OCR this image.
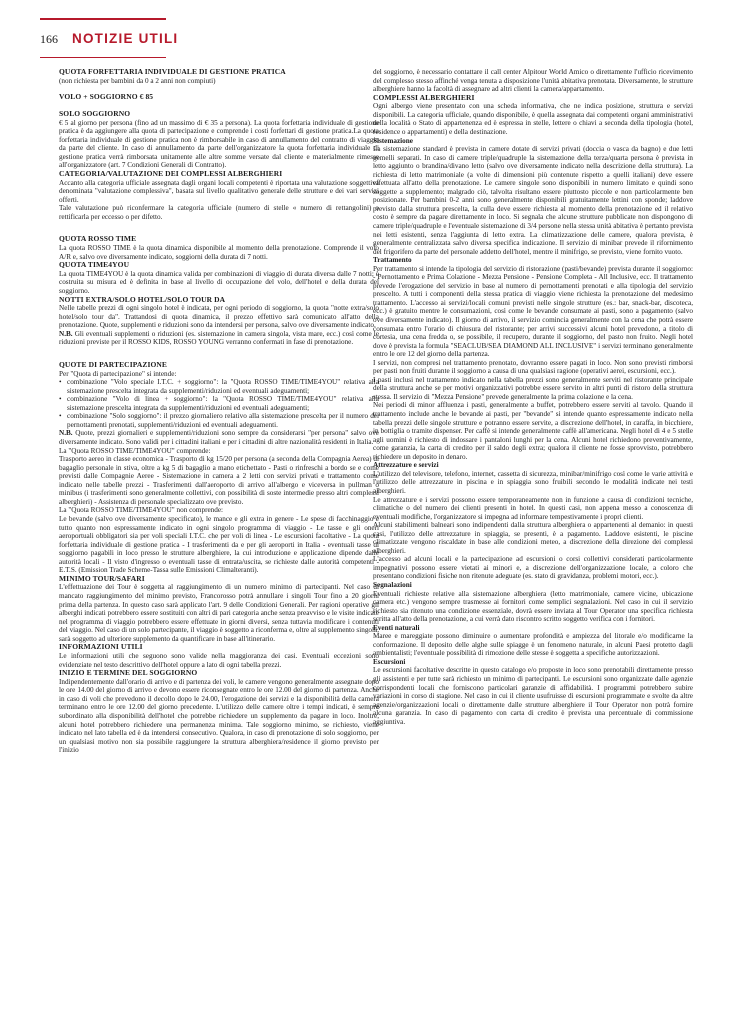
166 NOTIZIE UTILI
QUOTA FORFETTARIA INDIVIDUALE DI GESTIONE PRATICA

(non richiesta per bambini da 0 a 2 anni non compiuti)

VOLO + SOGGIORNO € 85
SOLO SOGGIORNO

€ 5 al giorno per persona (fino ad un massimo di € 35 a persona). La quota forfettaria individuale di gestione pratica è da aggiungere alla quota di partecipazione e comprende i costi forfettari di gestione pratica.La quota forfettaria individuale di gestione pratica non è rimborsabile in caso di annullamento del contratto di viaggio da parte del cliente. In caso di annullamento da parte dell'organizzatore la quota forfettaria individuale di gestione pratica verrà rimborsata unitamente alle altre somme versate dal cliente e materialmente rimesse all'organizzatore (art. 7 Condizioni Generali di Contratto).

CATEGORIA/VALUTAZIONE DEI COMPLESSI ALBERGHIERI

Accanto alla categoria ufficiale assegnata dagli organi locali competenti è riportata una valutazione soggettiva denominata "valutazione complessiva", basata sul livello qualitativo generale delle strutture e dei vari servizi offerti.

Tale valutazione può riconfermare la categoria ufficiale (numero di stelle « numero di rettangolini) o rettificarla per eccesso o per difetto.

QUOTA ROSSO TIME

La quota ROSSO TIME è la quota dinamica disponibile al momento della prenotazione. Comprende il volo A/R e, salvo ove diversamente indicato, soggiorni della durata di 7 notti.

QUOTA TIME4YOU

La quota TIME4YOU è la quota dinamica valida per combinazioni di viaggio di durata diversa dalle 7 notti; è costruita su misura ed è definita in base al livello di occupazione del volo, dell'hotel e della durata del soggiorno.

NOTTI EXTRA/SOLO HOTEL/SOLO TOUR DA

Nelle tabelle prezzi di ogni singolo hotel è indicata, per ogni periodo di soggiorno, la quota "notte extra/solo hotel/solo tour da". Trattandosi di quota dinamica, il prezzo effettivo sarà comunicato all'atto della prenotazione. Quote, supplementi e riduzioni sono da intendersi per persona, salvo ove diversamente indicato.

N.B. Gli eventuali supplementi o riduzioni (es. sistemazione in camera singola, vista mare, ecc.) così come le riduzioni previste per il ROSSO KIDS, ROSSO YOUNG verranno confermati in fase di prenotazione.

QUOTE DI PARTECIPAZIONE

Per "Quota di partecipazione" si intende:

• combinazione "Volo speciale I.T.C. + soggiorno": la "Quota ROSSO TIME/TIME4YOU" relativa alla sistemazione prescelta integrata da supplementi/riduzioni ed eventuali adeguamenti;
• combinazione "Volo di linea + soggiorno": la "Quota ROSSO TIME/TIME4YOU" relativa alla sistemazione prescelta integrata da supplementi/riduzioni ed eventuali adeguamenti;
• combinazione "Solo soggiorno": il prezzo giornaliero relativo alla sistemazione prescelta per il numero dei pernottamenti prenotati, supplementi/riduzioni ed eventuali adeguamenti.

N.B. Quote, prezzi giornalieri e supplementi/riduzioni sono sempre da considerarsi "per persona" salvo ove diversamente indicato. Sono validi per i cittadini italiani e per i cittadini di altre nazionalità residenti in Italia.

La "Quota ROSSO TIME/TIME4YOU" comprende:

Trasporto aereo in classe economica - Trasporto di kg 15/20 per persona (a seconda della Compagnia Aerea) di bagaglio personale in stiva, oltre a kg 5 di bagaglio a mano etichettato - Pasti o rinfreschi a bordo se e come previsti dalle Compagnie Aeree - Sistemazione in camera a 2 letti con servizi privati e trattamento come indicato nelle tabelle prezzi - Trasferimenti dall'aeroporto di arrivo all'albergo e viceversa in pullman o minibus (i trasferimenti sono generalmente collettivi, con possibilità di soste intermedie presso altri complessi alberghieri) - Assistenza di personale specializzato ove previsto.

La "Quota ROSSO TIME/TIME4YOU" non comprende:

Le bevande (salvo ove diversamente specificato), le mance e gli extra in genere - Le spese di facchinaggio e tutto quanto non espressamente indicato in ogni singolo programma di viaggio - Le tasse e gli oneri aeroportuali obbligatori sia per voli speciali I.T.C. che per voli di linea - Le escursioni facoltative - La quota forfettaria individuale di gestione pratica - I trasferimenti da e per gli aeroporti in Italia - eventuali tasse di soggiorno pagabili in loco presso le strutture alberghiere, la cui introduzione e applicazione dipende dalle autorità locali - Il visto d'ingresso o eventuali tasse di entrata/uscita, se richieste dalle autorità competenti - E.T.S. (Emission Trade Scheme-Tassa sulle Emissioni Climalteranti).

MINIMO TOUR/SAFARI

L'effettuazione dei Tour è soggetta al raggiungimento di un numero minimo di partecipanti. Nel caso di mancato raggiungimento del minimo previsto, Francorosso potrà annullare i singoli Tour fino a 20 giorni prima della partenza. In questo caso sarà applicato l'art. 9 delle Condizioni Generali. Per ragioni operative gli alberghi indicati potrebbero essere sostituiti con altri di pari categoria anche senza preavviso e le visite indicate nel programma di viaggio potrebbero essere effettuate in giorni diversi, senza tuttavia modificare i contenuti del viaggio. Nel caso di un solo partecipante, il viaggio è soggetto a riconferma e, oltre al supplemento singola, sarà soggetto ad ulteriore supplemento da quantificare in base all'itinerario.

INFORMAZIONI UTILI

Le informazioni utili che seguono sono valide nella maggioranza dei casi. Eventuali eccezioni sono evidenziate nel testo descrittivo dell'hotel oppure a lato di ogni tabella prezzi.

INIZIO E TERMINE DEL SOGGIORNO

Indipendentemente dall'orario di arrivo e di partenza dei voli, le camere vengono generalmente assegnate dopo le ore 14.00 del giorno di arrivo e devono essere riconsegnate entro le ore 12.00 del giorno di partenza. Anche in caso di voli che prevedono il decollo dopo le 24.00, l'erogazione dei servizi e la disponibilità della camera terminano entro le ore 12.00 del giorno precedente. L'utilizzo delle camere oltre i tempi indicati, è sempre subordinato alla disponibilità dell'hotel che potrebbe richiedere un supplemento da pagare in loco. Inoltre, alcuni hotel potrebbero richiedere una permanenza minima. Tale soggiorno minimo, se richiesto, viene indicato nel lato tabella ed è da intendersi consecutivo. Qualora, in caso di prenotazione di solo soggiorno, per un qualsiasi motivo non sia possibile raggiungere la struttura alberghiera/residence il giorno previsto per l'inizio

del soggiorno, è necessario contattare il call center Alpitour World Amico o direttamente l'ufficio ricevimento del complesso stesso affinché venga tenuta a disposizione l'unità abitativa prenotata. Diversamente, le strutture alberghiere hanno la facoltà di assegnare ad altri clienti la camera/appartamento.

COMPLESSI ALBERGHIERI

Ogni albergo viene presentato con una scheda informativa, che ne indica posizione, struttura e servizi disponibili. La categoria ufficiale, quando disponibile, è quella assegnata dai competenti organi amministrativi della località o Stato di appartenenza ed è espressa in stelle, lettere o chiavi a seconda della tipologia (hotel, residence o appartamenti) e della destinazione.

Sistemazione

La sistemazione standard è prevista in camere dotate di servizi privati (doccia o vasca da bagno) e due letti gemelli separati. In caso di camere triple/quadruple la sistemazione della terza/quarta persona è prevista in letto aggiunto o brandina/divano letto (salvo ove diversamente indicato nella descrizione della struttura). La richiesta di letto matrimoniale (a volte di dimensioni più contenute rispetto a quelli italiani) deve essere effettuata all'atto della prenotazione. Le camere singole sono disponibili in numero limitato e quindi sono soggette a supplemento; malgrado ciò, talvolta risultano essere piuttosto piccole e non particolarmente ben posizionate. Per bambini 0-2 anni sono generalmente disponibili gratuitamente lettini con sponde; laddove previsto dalla struttura prescelta, la culla deve essere richiesta al momento della prenotazione ed il relativo costo è sempre da pagare direttamente in loco. Si segnala che alcune strutture pubblicate non dispongono di camere triple/quadruple e l'eventuale sistemazione di 3/4 persone nella stessa unità abitativa è pertanto prevista nei letti esistenti, senza l'aggiunta di letto extra. La climatizzazione delle camere, qualora prevista, è generalmente centralizzata salvo diversa specifica indicazione. Il servizio di minibar prevede il rifornimento del frigorifero da parte del personale addetto dell'hotel, mentre il minifrigo, se previsto, viene fornito vuoto.

Trattamento

Per trattamento si intende la tipologia del servizio di ristorazione (pasti/bevande) prevista durante il soggiorno: - Pernottamento e Prima Colazione - Mezza Pensione - Pensione Completa - All Inclusive, ecc. Il trattamento prevede l'erogazione del servizio in base al numero di pernottamenti prenotati e alla tipologia del servizio prescelto. A tutti i componenti della stessa pratica di viaggio viene richiesta la prenotazione del medesimo trattamento. L'accesso ai servizi/locali comuni previsti nelle singole strutture (es.: bar, snack-bar, discoteca, ecc.) è gratuito mentre le consumazioni, così come le bevande consumate ai pasti, sono a pagamento (salvo ove diversamente indicato). Il giorno di arrivo, il servizio comincia generalmente con la cena che potrà essere consumata entro l'orario di chiusura del ristorante; per arrivi successivi alcuni hotel prevedono, a titolo di cortesia, una cena fredda o, se possibile, il recupero, durante il soggiorno, del pasto non fruito. Negli hotel dove è prevista la formula "SEACLUB/SEA DIAMOND ALL INCLUSIVE" i servizi terminano generalmente entro le ore 12 del giorno della partenza.

I servizi, non compresi nel trattamento prenotato, dovranno essere pagati in loco. Non sono previsti rimborsi per pasti non fruiti durante il soggiorno a causa di una qualsiasi ragione (operativi aerei, escursioni, ecc.).

I pasti inclusi nel trattamento indicato nella tabella prezzi sono generalmente serviti nel ristorante principale della struttura anche se per motivi organizzativi potrebbe essere servito in altri punti di ristoro della struttura stessa. Il servizio di "Mezza Pensione" prevede generalmente la prima colazione e la cena.

Nei periodi di minor affluenza i pasti, generalmente a buffet, potrebbero essere serviti al tavolo. Quando il trattamento include anche le bevande ai pasti, per "bevande" si intende quanto espressamente indicato nella tabella prezzi delle singole strutture e potranno essere servite, a discrezione dell'hotel, in caraffa, in bicchiere, in bottiglia o tramite dispenser. Per caffè si intende generalmente caffè all'americana. Negli hotel di 4 e 5 stelle agli uomini è richiesto di indossare i pantaloni lunghi per la cena. Alcuni hotel richiedono preventivamente, come garanzia, la carta di credito per il saldo degli extra; qualora il cliente ne fosse sprovvisto, potrebbero richiedere un deposito in denaro.

Attrezzature e servizi

L'utilizzo del televisore, telefono, internet, cassetta di sicurezza, minibar/minifrigo così come le varie attività e l'utilizzo delle attrezzature in piscina e in spiaggia sono fruibili secondo le modalità indicate nei testi alberghieri.

Le attrezzature e i servizi possono essere temporaneamente non in funzione a causa di condizioni tecniche, climatiche o del numero dei clienti presenti in hotel. In questi casi, non appena messo a conoscenza di eventuali modifiche, l'organizzatore si impegna ad informare tempestivamente i propri clienti.

Alcuni stabilimenti balneari sono indipendenti dalla struttura alberghiera o appartenenti al demanio: in questi casi, l'utilizzo delle attrezzature in spiaggia, se presenti, è a pagamento. Laddove esistenti, le piscine climatizzate vengono riscaldate in base alle condizioni meteo, a discrezione della direzione dei complessi alberghieri.

L'accesso ad alcuni locali e la partecipazione ad escursioni o corsi collettivi considerati particolarmente impegnativi possono essere vietati ai minori e, a discrezione dell'organizzazione locale, a coloro che presentano condizioni fisiche non ritenute adeguate (es. stato di gravidanza, problemi motori, ecc.).

Segnalazioni

Eventuali richieste relative alla sistemazione alberghiera (letto matrimoniale, camere vicine, ubicazione camera etc.) vengono sempre trasmesse ai fornitori come semplici segnalazioni. Nel caso in cui il servizio richiesto sia ritenuto una condizione essenziale, dovrà essere inviata al Tour Operator una specifica richiesta scritta all'atto della prenotazione, a cui verrà dato riscontro scritto soggetto verifica con i fornitori.

Eventi naturali

Maree e mareggiate possono diminuire o aumentare profondità e ampiezza del litorale e/o modificarne la conformazione. Il deposito delle alghe sulle spiagge è un fenomeno naturale, in alcuni Paesi protetto dagli ambientalisti; l'eventuale possibilità di rimozione delle stesse è soggetta a specifiche autorizzazioni.

Escursioni

Le escursioni facoltative descritte in questo catalogo e/o proposte in loco sono prenotabili direttamente presso gli assistenti e per tutte sarà richiesto un minimo di partecipanti. Le escursioni sono organizzate dalle agenzie corrispondenti locali che forniscono particolari garanzie di affidabilità. I programmi potrebbero subire variazioni in corso di stagione. Nel caso in cui il cliente usufruisse di escursioni programmate e svolte da altre agenzie/organizzazioni locali o direttamente dalle strutture alberghiere il Tour Operator non potrà fornire alcuna garanzia. In caso di pagamento con carta di credito è prevista una percentuale di commissione aggiuntiva.
